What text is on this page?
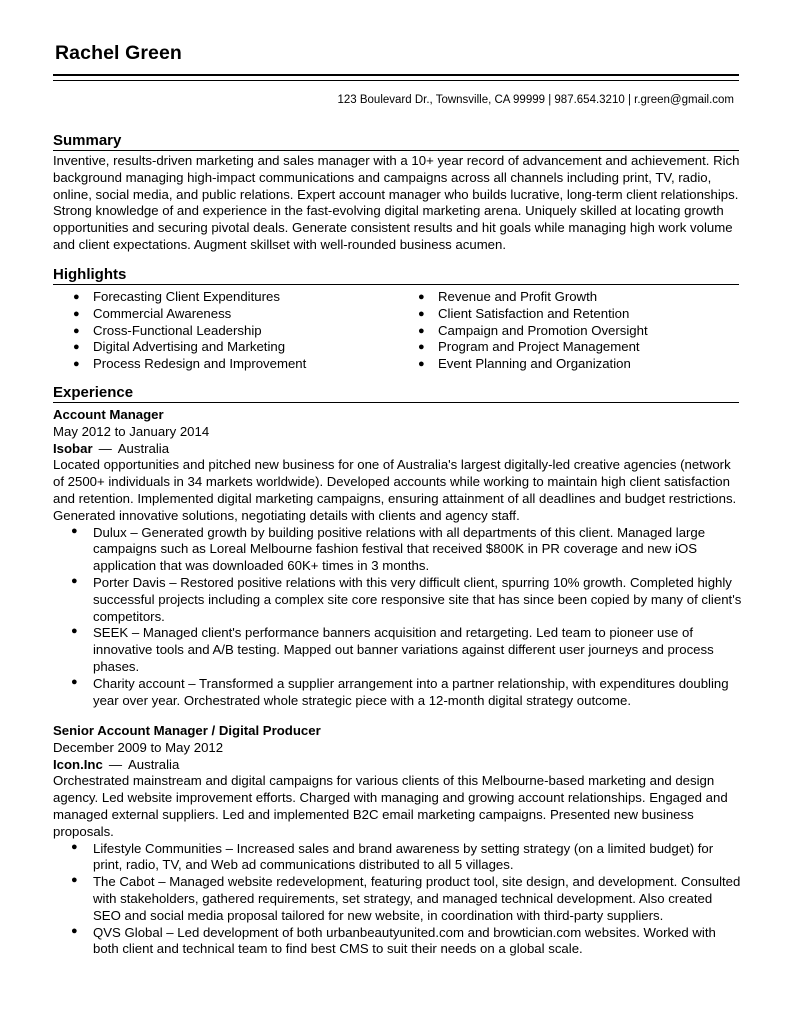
Rachel Green
123 Boulevard Dr., Townsville, CA 99999 | 987.654.3210 | r.green@gmail.com
Summary

Inventive, results-driven marketing and sales manager with a 10+ year record of advancement and achievement. Rich background managing high-impact communications and campaigns across all channels including print, TV, radio, online, social media, and public relations. Expert account manager who builds lucrative, long-term client relationships. Strong knowledge of and experience in the fast-evolving digital marketing arena. Uniquely skilled at locating growth opportunities and securing pivotal deals. Generate consistent results and hit goals while managing high work volume and client expectations. Augment skillset with well-rounded business acumen.

Highlights
● Forecasting Client Expenditures
● Commercial Awareness
● Cross-Functional Leadership
● Digital Advertising and Marketing
● Process Redesign and Improvement
● Revenue and Profit Growth
● Client Satisfaction and Retention
● Campaign and Promotion Oversight
● Program and Project Management
● Event Planning and Organization
Experience

Account Manager

May 2012 to January 2014

Isobar — Australia

Located opportunities and pitched new business for one of Australia's largest digitally-led creative agencies (network of 2500+ individuals in 34 markets worldwide). Developed accounts while working to maintain high client satisfaction and retention. Implemented digital marketing campaigns, ensuring attainment of all deadlines and budget restrictions. Generated innovative solutions, negotiating details with clients and agency staff.

● Dulux – Generated growth by building positive relations with all departments of this client. Managed large campaigns such as Loreal Melbourne fashion festival that received $800K in PR coverage and new iOS application that was downloaded 60K+ times in 3 months.
● Porter Davis – Restored positive relations with this very difficult client, spurring 10% growth. Completed highly successful projects including a complex site core responsive site that has since been copied by many of client's competitors.
● SEEK – Managed client's performance banners acquisition and retargeting. Led team to pioneer use of innovative tools and A/B testing. Mapped out banner variations against different user journeys and process phases.
● Charity account – Transformed a supplier arrangement into a partner relationship, with expenditures doubling year over year. Orchestrated whole strategic piece with a 12-month digital strategy outcome.

Senior Account Manager / Digital Producer

December 2009 to May 2012

Icon.Inc — Australia

Orchestrated mainstream and digital campaigns for various clients of this Melbourne-based marketing and design agency. Led website improvement efforts. Charged with managing and growing account relationships. Engaged and managed external suppliers. Led and implemented B2C email marketing campaigns. Presented new business proposals.

● Lifestyle Communities – Increased sales and brand awareness by setting strategy (on a limited budget) for print, radio, TV, and Web ad communications distributed to all 5 villages.
● The Cabot – Managed website redevelopment, featuring product tool, site design, and development. Consulted with stakeholders, gathered requirements, set strategy, and managed technical development. Also created SEO and social media proposal tailored for new website, in coordination with third-party suppliers.
● QVS Global – Led development of both urbanbeautyunited.com and browtician.com websites. Worked with both client and technical team to find best CMS to suit their needs on a global scale.
